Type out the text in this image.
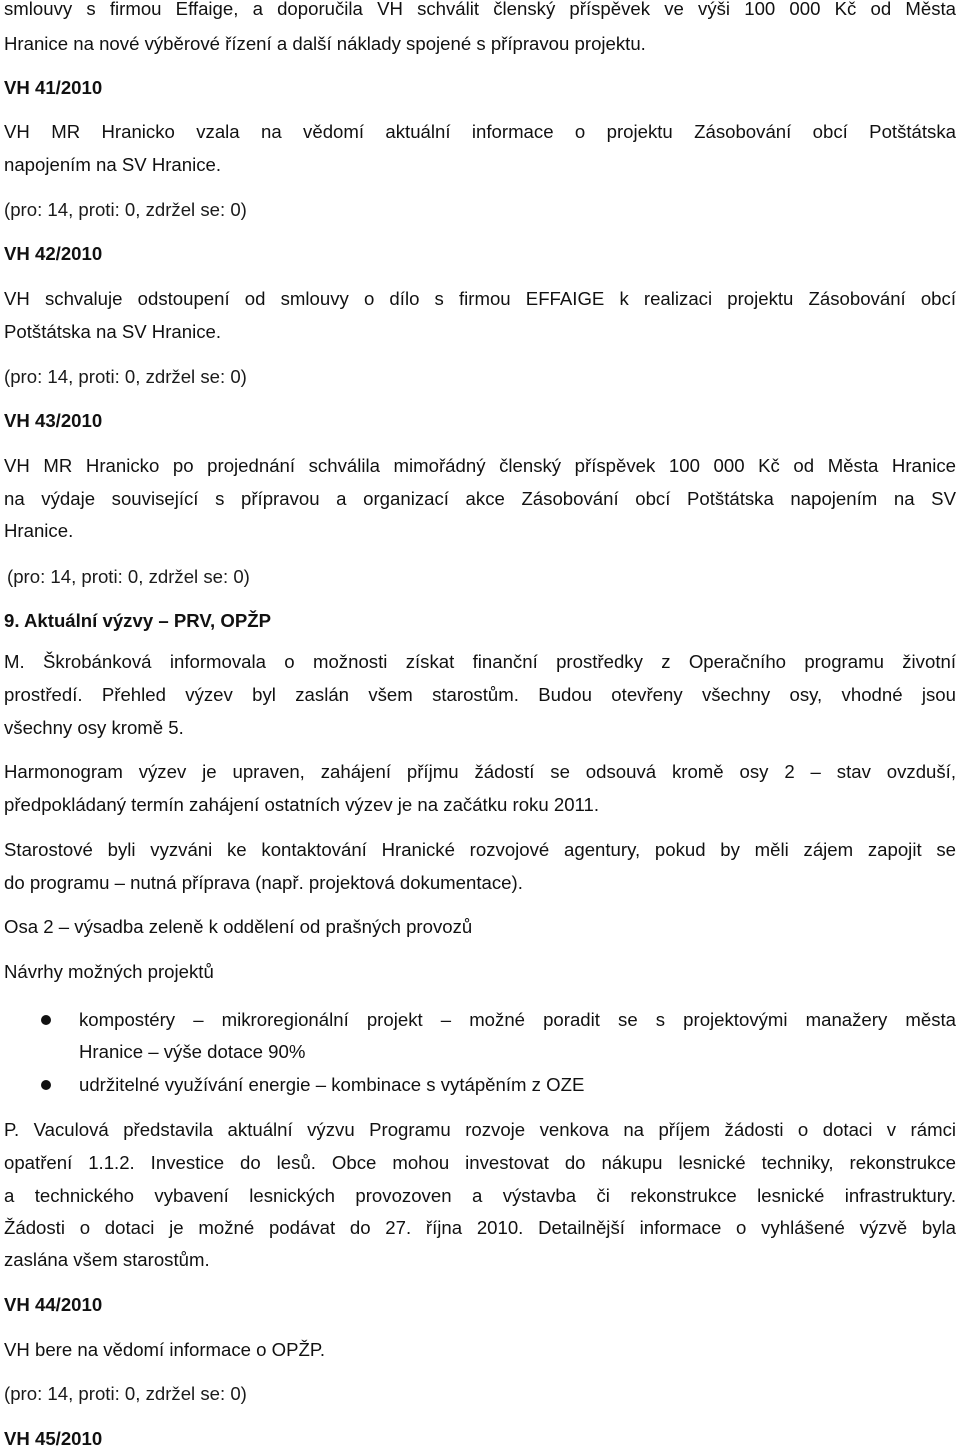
smlouvy s firmou Effaige, a doporučila VH schválit členský příspěvek ve výši 100 000 Kč od Města
Hranice na nové výběrové řízení a další náklady spojené s přípravou projektu.
VH 41/2010
VH MR Hranicko vzala na vědomí aktuální informace o projektu Zásobování obcí Potštátska
napojením na SV Hranice.
(pro: 14, proti: 0, zdržel se: 0)
VH 42/2010
VH schvaluje odstoupení od smlouvy o dílo s firmou EFFAIGE k realizaci projektu Zásobování obcí
Potštátska na SV Hranice.
(pro: 14, proti: 0, zdržel se: 0)
VH 43/2010
VH MR Hranicko po projednání schválila mimořádný členský příspěvek 100 000 Kč od Města Hranice
na výdaje související s přípravou a organizací akce Zásobování obcí Potštátska napojením na SV
Hranice.
(pro: 14, proti: 0, zdržel se: 0)
9. Aktuální výzvy – PRV, OPŽP
M. Škrobánková informovala o možnosti získat finanční prostředky z Operačního programu životní
prostředí. Přehled výzev byl zaslán všem starostům. Budou otevřeny všechny osy, vhodné jsou
všechny osy kromě 5.
Harmonogram výzev je upraven, zahájení příjmu žádostí se odsouvá kromě osy 2 – stav ovzduší,
předpokládaný termín zahájení ostatních výzev je na začátku roku 2011.
Starostové byli vyzváni ke kontaktování Hranické rozvojové agentury, pokud by měli zájem zapojit se
do programu – nutná příprava (např. projektová dokumentace).
Osa 2 – výsadba zeleně k oddělení od prašných provozů
Návrhy možných projektů
kompostéry – mikroregionální projekt – možné poradit se s projektovými manažery města
Hranice – výše dotace 90%
udržitelné využívání energie – kombinace s vytápěním z OZE
P. Vaculová představila aktuální výzvu Programu rozvoje venkova na příjem žádosti o dotaci v rámci
opatření 1.1.2. Investice do lesů. Obce mohou investovat do nákupu lesnické techniky, rekonstrukce
a technického vybavení lesnických provozoven a výstavba či rekonstrukce lesnické infrastruktury.
Žádosti o dotaci je možné podávat do 27. října 2010. Detailnější informace o vyhlášené výzvě byla
zaslána všem starostům.
VH 44/2010
VH bere na vědomí informace o OPŽP.
(pro: 14, proti: 0, zdržel se: 0)
VH 45/2010
